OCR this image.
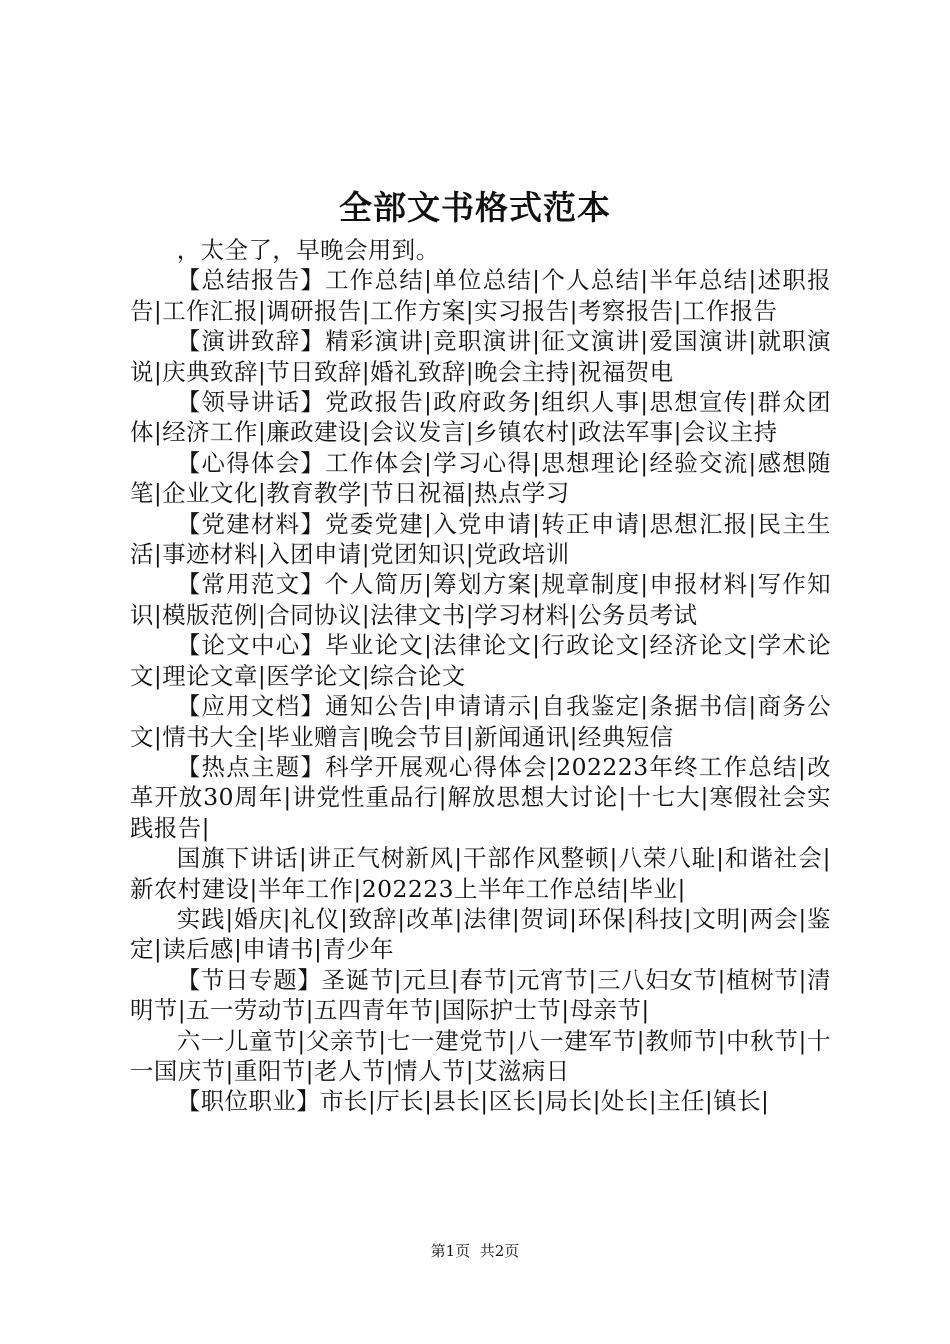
全部文书格式范本

，太全了，早晚会用到。

【总结报告】工作总结|单位总结|个人总结|半年总结|述职报告|工作汇报|调研报告|工作方案|实习报告|考察报告|工作报告

【演讲致辞】精彩演讲|竞职演讲|征文演讲|爱国演讲|就职演说|庆典致辞|节日致辞|婚礼致辞|晚会主持|祝福贺电

【领导讲话】党政报告|政府政务|组织人事|思想宣传|群众团体|经济工作|廉政建设|会议发言|乡镇农村|政法军事|会议主持

【心得体会】工作体会|学习心得|思想理论|经验交流|感想随笔|企业文化|教育教学|节日祝福|热点学习

【党建材料】党委党建|入党申请|转正申请|思想汇报|民主生活|事迹材料|入团申请|党团知识|党政培训

【常用范文】个人简历|筹划方案|规章制度|申报材料|写作知识|模版范例|合同协议|法律文书|学习材料|公务员考试

【论文中心】毕业论文|法律论文|行政论文|经济论文|学术论文|理论文章|医学论文|综合论文

【应用文档】通知公告|申请请示|自我鉴定|条据书信|商务公文|情书大全|毕业赠言|晚会节目|新闻通讯|经典短信

【热点主题】科学开展观心得体会|202223年终工作总结|改革开放30周年|讲党性重品行|解放思想大讨论|十七大|寒假社会实践报告|

国旗下讲话|讲正气树新风|干部作风整顿|八荣八耻|和谐社会|新农村建设|半年工作|202223上半年工作总结|毕业|

实践|婚庆|礼仪|致辞|改革|法律|贺词|环保|科技|文明|两会|鉴定|读后感|申请书|青少年

【节日专题】圣诞节|元旦|春节|元宵节|三八妇女节|植树节|清明节|五一劳动节|五四青年节|国际护士节|母亲节|

六一儿童节|父亲节|七一建党节|八一建军节|教师节|中秋节|十一国庆节|重阳节|老人节|情人节|艾滋病日

【职位职业】市长|厅长|县长|区长|局长|处长|主任|镇长|

第1页 共2页
